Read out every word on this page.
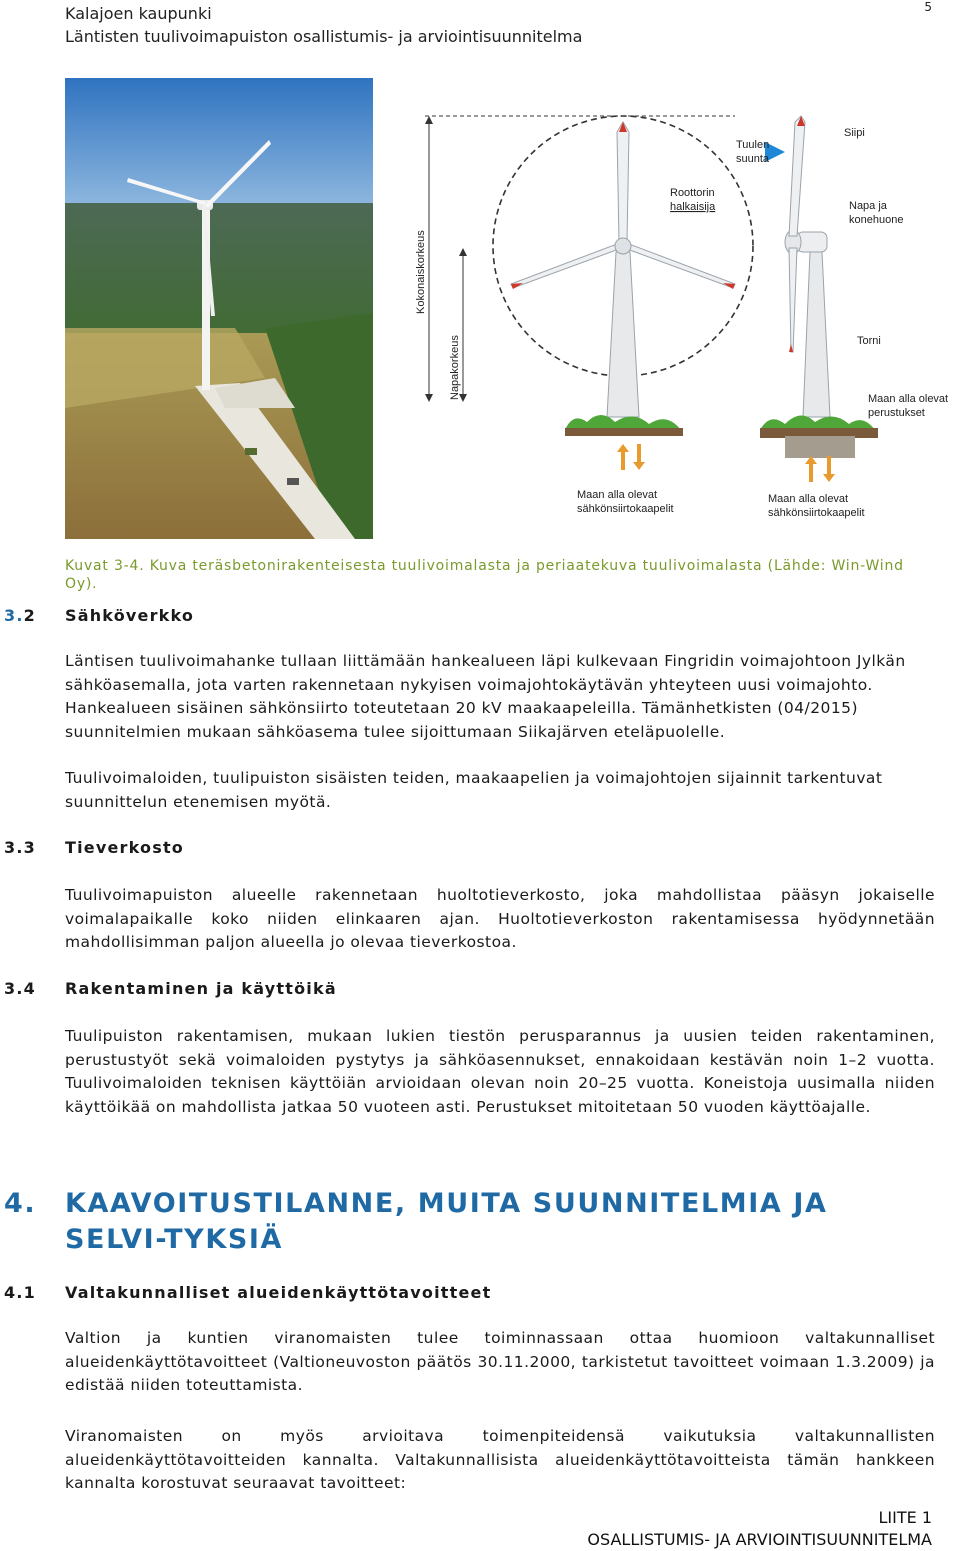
Kalajoen kaupunki
Läntisten tuulivoimapuiston osallistumis- ja arviointisuunnitelma
5
Siipi
Tuulen
suunta
Roottorin
halkaisija	Napa ja
konehuone
Torni
Maan alla olevat
perustukset
Maan alla olevat
sähkönsiirtokaapelit
Maan alla olevat
sähkönsiirtokaapelit
Kokonaiskorkeus
Napakorkeus
Kuvat 3-4. Kuva teräsbetonirakenteisesta tuulivoimalasta ja periaatekuva tuulivoimalasta (Lähde: Win-Wind Oy).
3.2 Sähköverkko
Läntisen tuulivoimahanke tullaan liittämään hankealueen läpi kulkevaan Fingridin voimajohtoon Jylkän sähköasemalla, jota varten rakennetaan nykyisen voimajohtokäytävän yhteyteen uusi voimajohto. Hankealueen sisäinen sähkönsiirto toteutetaan 20 kV maakaapeleilla. Tämänhetkisten (04/2015) suunnitelmien mukaan sähköasema tulee sijoittumaan Siikajärven eteläpuolelle.
Tuulivoimaloiden, tuulipuiston sisäisten teiden, maakaapelien ja voimajohtojen sijainnit tarkentuvat suunnittelun etenemisen myötä.
3.3 Tieverkosto
Tuulivoimapuiston alueelle rakennetaan huoltotieverkosto, joka mahdollistaa pääsyn jokaiselle voimalapaikalle koko niiden elinkaaren ajan. Huoltotieverkoston rakentamisessa hyödynnetään mahdollisimman paljon alueella jo olevaa tieverkostoa.
3.4 Rakentaminen ja käyttöikä
Tuulipuiston rakentamisen, mukaan lukien tiestön perusparannus ja uusien teiden rakentaminen, perustustyöt sekä voimaloiden pystytys ja sähköasennukset, ennakoidaan kestävän noin 1–2 vuotta. Tuulivoimaloiden teknisen käyttöiän arvioidaan olevan noin 20–25 vuotta. Koneistoja uusimalla niiden käyttöikää on mahdollista jatkaa 50 vuoteen asti. Perustukset mitoitetaan 50 vuoden käyttöajalle.
4. KAAVOITUSTILANNE, MUITA SUUNNITELMIA JA SELVI-TYKSIÄ
4.1 Valtakunnalliset alueidenkäyttötavoitteet
Valtion ja kuntien viranomaisten tulee toiminnassaan ottaa huomioon valtakunnalliset alueidenkäyttötavoitteet (Valtioneuvoston päätös 30.11.2000, tarkistetut tavoitteet voimaan 1.3.2009) ja edistää niiden toteuttamista.
Viranomaisten on myös arvioitava toimenpiteidensä vaikutuksia valtakunnallisten alueidenkäyttötavoitteiden kannalta. Valtakunnallisista alueidenkäyttötavoitteista tämän hankkeen kannalta korostuvat seuraavat tavoitteet:
LIITE 1
OSALLISTUMIS- JA ARVIOINTISUUNNITELMA
